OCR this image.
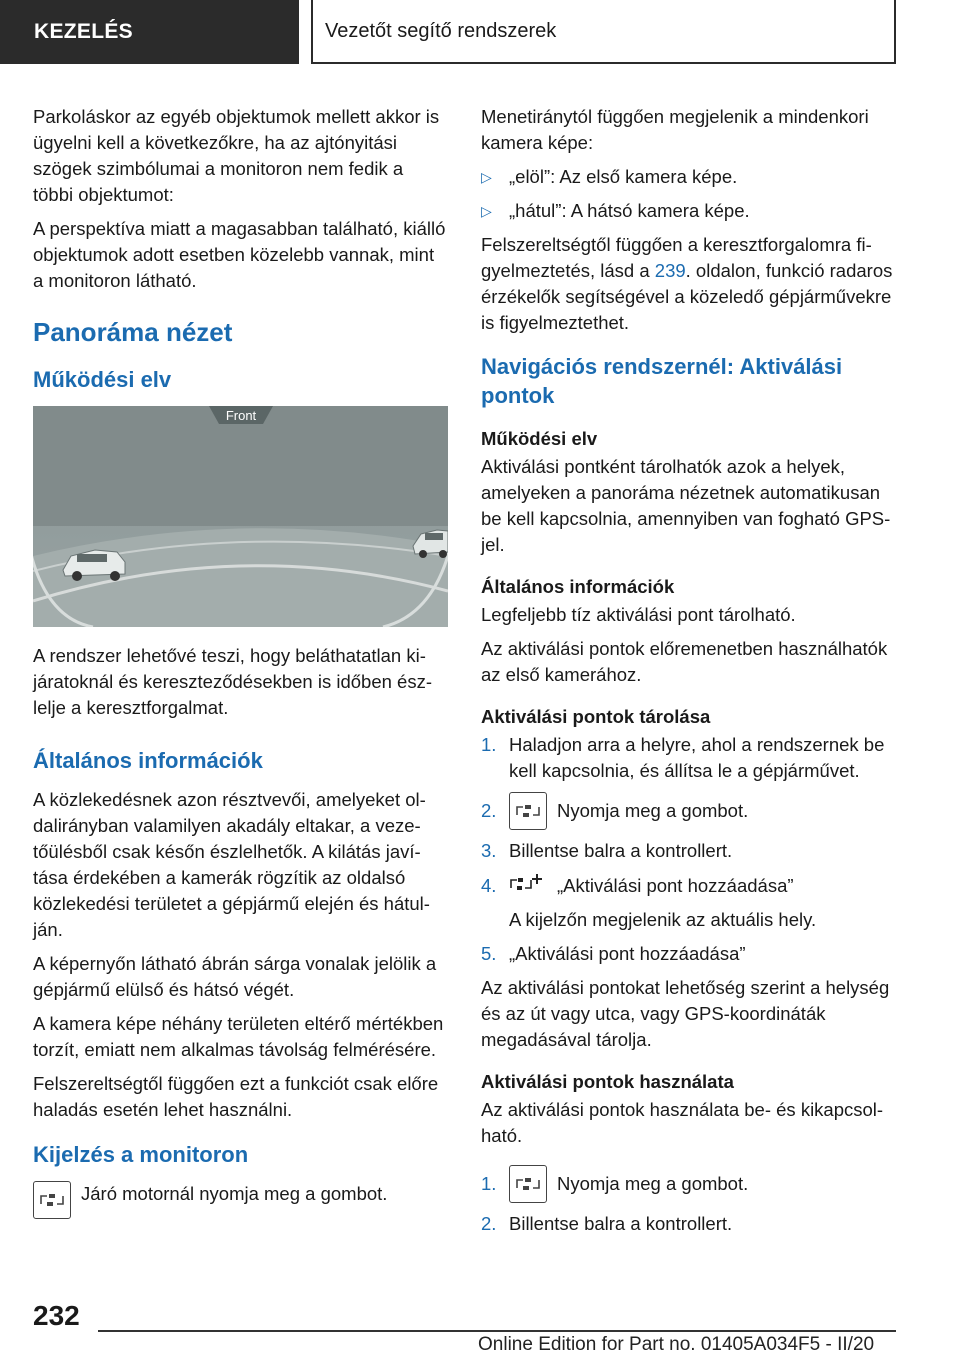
KEZELÉS	Vezetőt segítő rendszerek

Parkoláskor az egyéb objektumok mellett akkor is ügyelni kell a következőkre, ha az ajtónyitási szögek szimbólumai a monitoron nem fedik a többi objektumot:

A perspektíva miatt a magasabban található, kiálló objektumok adott esetben közelebb vannak, mint a monitoron látható.

Panoráma nézet
Működési elv
Front

A rendszer lehetővé teszi, hogy beláthatatlan kijáratoknál és kereszteződésekben is időben észlelje a keresztforgalmat.

Általános információk

A közlekedésnek azon résztvevői, amelyeket oldalirányban valamilyen akadály eltakar, a vezetőülésből csak későn észlelhetők. A kilátás javítása érdekében a kamerák rögzítik az oldalsó közlekedési területet a gépjármű elején és hátulján.

A képernyőn látható ábrán sárga vonalak jelölik a gépjármű elülső és hátsó végét.

A kamera képe néhány területen eltérő mértékben torzít, emiatt nem alkalmas távolság felmérésére.

Felszereltségtől függően ezt a funkciót csak előre haladás esetén lehet használni.

Kijelzés a monitoron
Járó motornál nyomja meg a gombot.

Menetiránytól függően megjelenik a mindenkori kamera képe:

▷ „elöl”: Az első kamera képe.
▷ „hátul”: A hátsó kamera képe.

Felszereltségtől függően a keresztforgalomra figyelmeztetés, lásd a 239. oldalon, funkció radaros érzékelők segítségével a közeledő gépjárművekre is figyelmeztethet.

Navigációs rendszernél: Aktiválási pontok
Működési elv

Aktiválási pontként tárolhatók azok a helyek, amelyeken a panoráma nézetnek automatikusan be kell kapcsolnia, amennyiben van fogható GPS-jel.

Általános információk

Legfeljebb tíz aktiválási pont tárolható.

Az aktiválási pontok előremenetben használhatók az első kamerához.

Aktiválási pontok tárolása
1. Haladjon arra a helyre, ahol a rendszernek be kell kapcsolnia, és állítsa le a gépjárművet.
2.	Nyomja meg a gombot.
3. Billentse balra a kontrollert.
4.	„Aktiválási pont hozzáadása”

A kijelzőn megjelenik az aktuális hely.

5. „Aktiválási pont hozzáadása”

Az aktiválási pontokat lehetőség szerint a helység és az út vagy utca, vagy GPS-koordináták megadásával tárolja.

Aktiválási pontok használata

Az aktiválási pontok használata be- és kikapcsolható.

1.	Nyomja meg a gombot.
2. Billentse balra a kontrollert.
232
Online Edition for Part no. 01405A034F5 - II/20
